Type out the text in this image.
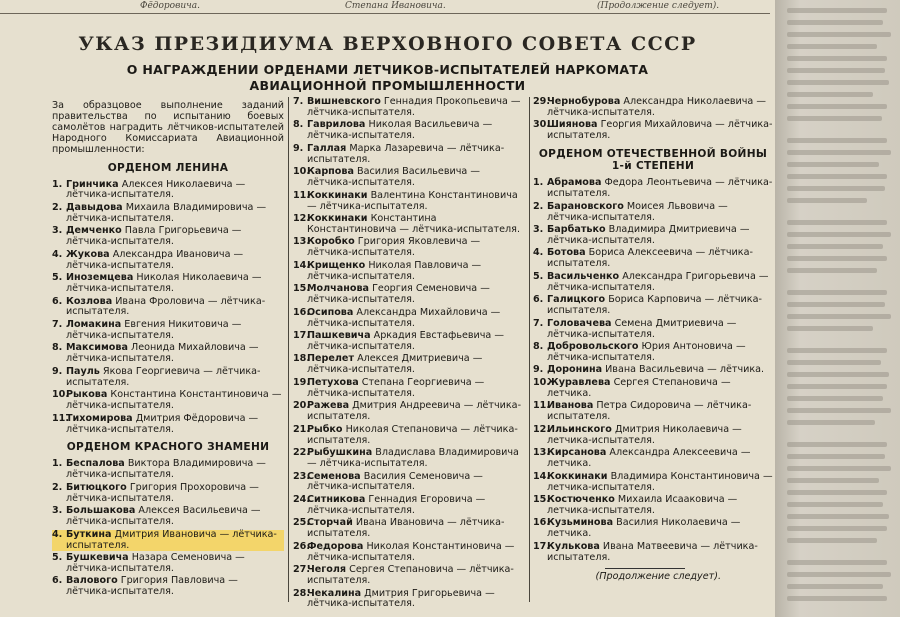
Фёдоровича.	Степана Ивановича.	(Продолжение следует).
УКАЗ ПРЕЗИДИУМА ВЕРХОВНОГО СОВЕТА СССР
О НАГРАЖДЕНИИ ОРДЕНАМИ ЛЕТЧИКОВ-ИСПЫТАТЕЛЕЙ НАРКОМАТА АВИАЦИОННОЙ ПРОМЫШЛЕННОСТИ
За образцовое выполнение заданий правительства по испытанию боевых самолётов наградить лётчиков-испытателей Народного Комиссариата Авиационной промышленности:
ОРДЕНОМ ЛЕНИНА
1. Гринчика Алексея Николаевича — лётчика-испытателя.
2. Давыдова Михаила Владимировича — лётчика-испытателя.
3. Демченко Павла Григорьевича — лётчика-испытателя.
4. Жукова Александра Ивановича — лётчика-испытателя.
5. Иноземцева Николая Николаевича — лётчика-испытателя.
6. Козлова Ивана Фроловича — лётчика-испытателя.
7. Ломакина Евгения Никитовича — лётчика-испытателя.
8. Максимова Леонида Михайловича — лётчика-испытателя.
9. Пауль Якова Георгиевича — лётчика-испытателя.
10.Рыкова Константина Константиновича — лётчика-испытателя.
11.Тихомирова Дмитрия Фёдоровича — лётчика-испытателя.
ОРДЕНОМ КРАСНОГО ЗНАМЕНИ
1. Беспалова Виктора Владимировича — лётчика-испытателя.
2. Битюцкого Григория Прохоровича — лётчика-испытателя.
3. Большакова Алексея Васильевича — лётчика-испытателя.
4. Буткина Дмитрия Ивановича — лётчика-испытателя.
5. Бушкевича Назара Семеновича — лётчика-испытателя.
6. Валового Григория Павловича — лётчика-испытателя.
7. Вишневского Геннадия Прокопьевича — лётчика-испытателя.
8. Гаврилова Николая Васильевича — лётчика-испытателя.
9. Галлая Марка Лазаревича — лётчика-испытателя.
10.Карпова Василия Васильевича — лётчика-испытателя.
11.Коккинаки Валентина Константиновича — лётчика-испытателя.
12.Коккинаки Константина Константиновича — лётчика-испытателя.
13.Коробко Григория Яковлевича — лётчика-испытателя.
14.Крищенко Николая Павловича — лётчика-испытателя.
15.Молчанова Георгия Семеновича — лётчика-испытателя.
16.Осипова Александра Михайловича — лётчика-испытателя.
17.Пашкевича Аркадия Евстафьевича — лётчика-испытателя.
18.Перелет Алексея Дмитриевича — лётчика-испытателя.
19.Петухова Степана Георгиевича — лётчика-испытателя.
20.Ражева Дмитрия Андреевича — лётчика-испытателя.
21.Рыбко Николая Степановича — лётчика-испытателя.
22.Рыбушкина Владислава Владимировича — лётчика-испытателя.
23.Семенова Василия Семеновича — лётчика-испытателя.
24.Ситникова Геннадия Егоровича — лётчика-испытателя.
25.Сторчай Ивана Ивановича — лётчика-испытателя.
26.Федорова Николая Константиновича — лётчика-испытателя.
27.Чеголя Сергея Степановича — лётчика-испытателя.
28.Чекалина Дмитрия Григорьевича — лётчика-испытателя.
29.Чернобурова Александра Николаевича — лётчика-испытателя.
30.Шиянова Георгия Михайловича — лётчика-испытателя.
ОРДЕНОМ ОТЕЧЕСТВЕННОЙ ВОЙНЫ 1-й СТЕПЕНИ
1. Абрамова Федора Леонтьевича — лётчика-испытателя.
2. Барановского Моисея Львовича — лётчика-испытателя.
3. Барбатько Владимира Дмитриевича — лётчика-испытателя.
4. Ботова Бориса Алексеевича — лётчика-испытателя.
5. Васильченко Александра Григорьевича — лётчика-испытателя.
6. Галицкого Бориса Карповича — лётчика-испытателя.
7. Головачева Семена Дмитриевича — лётчика-испытателя.
8. Добровольского Юрия Антоновича — лётчика-испытателя.
9. Доронина Ивана Васильевича — лётчика.
10.Журавлева Сергея Степановича — летчика.
11.Иванова Петра Сидоровича — лётчика-испытателя.
12.Ильинского Дмитрия Николаевича — летчика-испытателя.
13.Кирсанова Александра Алексеевича — летчика.
14.Коккинаки Владимира Константиновича — летчика-испытателя.
15.Костюченко Михаила Исааковича — летчика-испытателя.
16.Кузьминова Василия Николаевича — летчика.
17.Кулькова Ивана Матвеевича — лётчика-испытателя.
(Продолжение следует).
